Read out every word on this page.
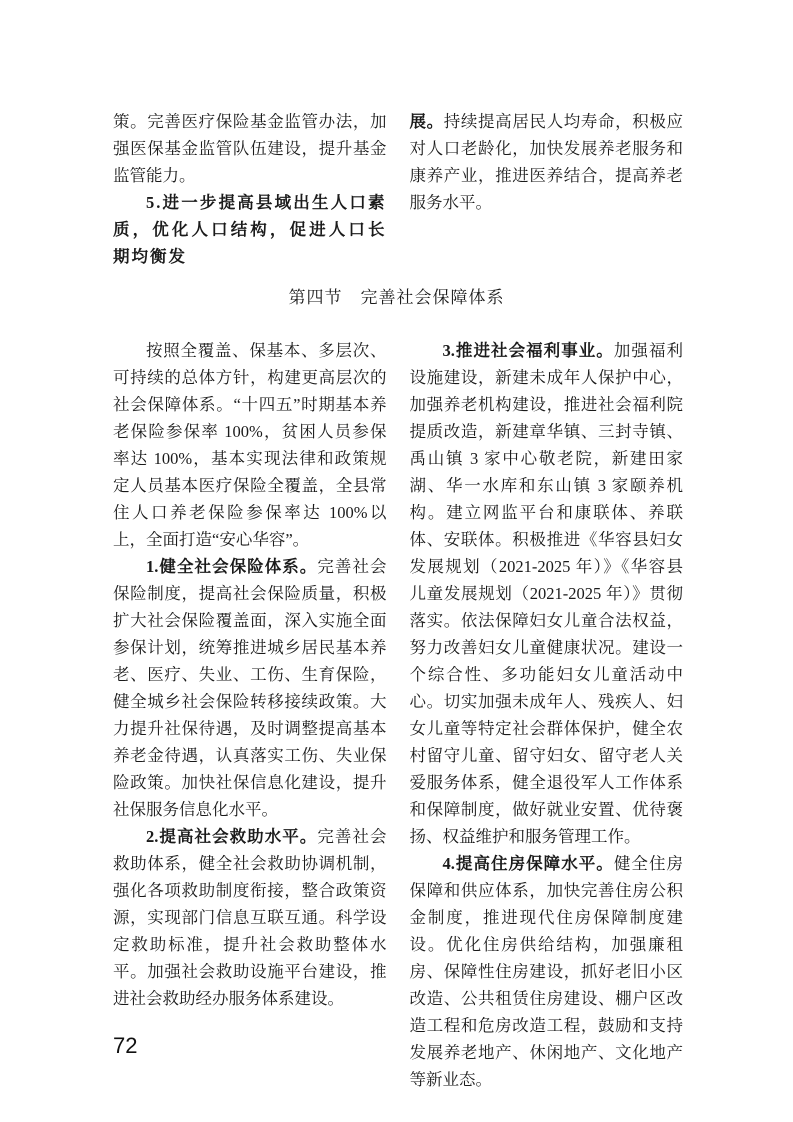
策。完善医疗保险基金监管办法，加强医保基金监管队伍建设，提升基金监管能力。

5.进一步提高县域出生人口素质，优化人口结构，促进人口长期均衡发

展。持续提高居民人均寿命，积极应对人口老龄化，加快发展养老服务和康养产业，推进医养结合，提高养老服务水平。

第四节　完善社会保障体系

按照全覆盖、保基本、多层次、可持续的总体方针，构建更高层次的社会保障体系。“十四五”时期基本养老保险参保率 100%，贫困人员参保率达 100%，基本实现法律和政策规定人员基本医疗保险全覆盖，全县常住人口养老保险参保率达 100%以上，全面打造“安心华容”。

1.健全社会保险体系。完善社会保险制度，提高社会保险质量，积极扩大社会保险覆盖面，深入实施全面参保计划，统筹推进城乡居民基本养老、医疗、失业、工伤、生育保险，健全城乡社会保险转移接续政策。大力提升社保待遇，及时调整提高基本养老金待遇，认真落实工伤、失业保险政策。加快社保信息化建设，提升社保服务信息化水平。

2.提高社会救助水平。完善社会救助体系，健全社会救助协调机制，强化各项救助制度衔接，整合政策资源，实现部门信息互联互通。科学设定救助标准，提升社会救助整体水平。加强社会救助设施平台建设，推进社会救助经办服务体系建设。

3.推进社会福利事业。加强福利设施建设，新建未成年人保护中心，加强养老机构建设，推进社会福利院提质改造，新建章华镇、三封寺镇、禹山镇 3 家中心敬老院，新建田家湖、华一水库和东山镇 3 家颐养机构。建立网监平台和康联体、养联体、安联体。积极推进《华容县妇女发展规划（2021-2025 年）》《华容县儿童发展规划（2021-2025 年）》贯彻落实。依法保障妇女儿童合法权益，努力改善妇女儿童健康状况。建设一个综合性、多功能妇女儿童活动中心。切实加强未成年人、残疾人、妇女儿童等特定社会群体保护，健全农村留守儿童、留守妇女、留守老人关爱服务体系，健全退役军人工作体系和保障制度，做好就业安置、优待褒扬、权益维护和服务管理工作。

4.提高住房保障水平。健全住房保障和供应体系，加快完善住房公积金制度，推进现代住房保障制度建设。优化住房供给结构，加强廉租房、保障性住房建设，抓好老旧小区改造、公共租赁住房建设、棚户区改造工程和危房改造工程，鼓励和支持发展养老地产、休闲地产、文化地产等新业态。

72
